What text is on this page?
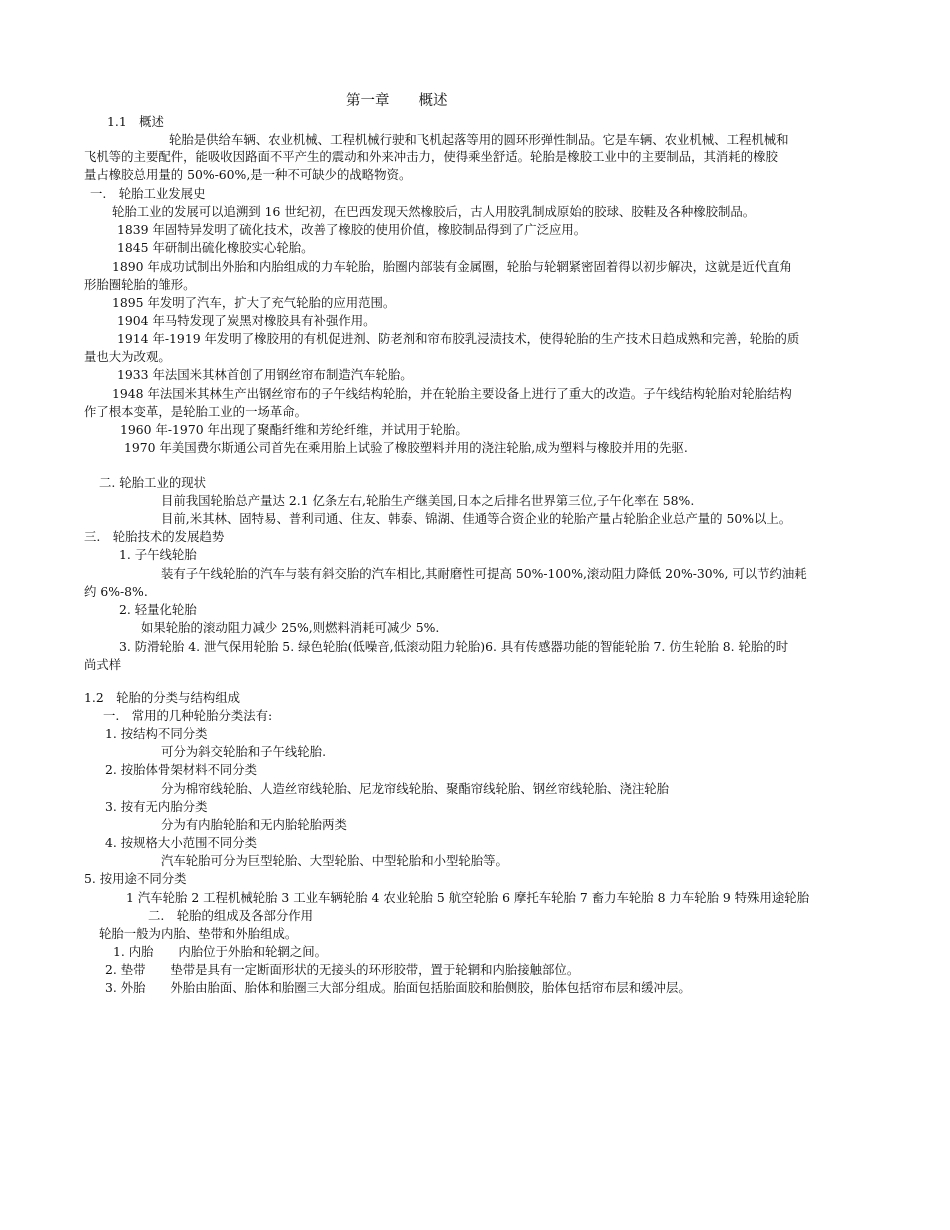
第一章　　概述
1.1　概述
轮胎是供给车辆、农业机械、工程机械行驶和飞机起落等用的圆环形弹性制品。它是车辆、农业机械、工程机械和
飞机等的主要配件，能吸收因路面不平产生的震动和外来冲击力，使得乘坐舒适。轮胎是橡胶工业中的主要制品，其消耗的橡胶
量占橡胶总用量的 50%-60%,是一种不可缺少的战略物资。
一.　轮胎工业发展史
轮胎工业的发展可以追溯到 16 世纪初，在巴西发现天然橡胶后，古人用胶乳制成原始的胶球、胶鞋及各种橡胶制品。
1839 年固特异发明了硫化技术，改善了橡胶的使用价值，橡胶制品得到了广泛应用。
1845 年研制出硫化橡胶实心轮胎。
1890 年成功试制出外胎和内胎组成的力车轮胎，胎圈内部装有金属圈，轮胎与轮辋紧密固着得以初步解决，这就是近代直角
形胎圈轮胎的雏形。
1895 年发明了汽车，扩大了充气轮胎的应用范围。
1904 年马特发现了炭黑对橡胶具有补强作用。
1914 年-1919 年发明了橡胶用的有机促进剂、防老剂和帘布胶乳浸渍技术，使得轮胎的生产技术日趋成熟和完善，轮胎的质
量也大为改观。
1933 年法国米其林首创了用钢丝帘布制造汽车轮胎。
1948 年法国米其林生产出钢丝帘布的子午线结构轮胎，并在轮胎主要设备上进行了重大的改造。子午线结构轮胎对轮胎结构
作了根本变革，是轮胎工业的一场革命。
1960 年-1970 年出现了聚酯纤维和芳纶纤维，并试用于轮胎。
1970 年美国费尔斯通公司首先在乘用胎上试验了橡胶塑料并用的浇注轮胎,成为塑料与橡胶并用的先驱.
二. 轮胎工业的现状
目前我国轮胎总产量达 2.1 亿条左右,轮胎生产继美国,日本之后排名世界第三位,子午化率在 58%.
目前,米其林、固特易、普利司通、住友、韩泰、锦湖、佳通等合资企业的轮胎产量占轮胎企业总产量的 50%以上。
三.　轮胎技术的发展趋势
1. 子午线轮胎
装有子午线轮胎的汽车与装有斜交胎的汽车相比,其耐磨性可提高 50%-100%,滚动阻力降低 20%-30%, 可以节约油耗
约 6%-8%.
2. 轻量化轮胎
如果轮胎的滚动阻力减少 25%,则燃料消耗可减少 5%.
3. 防滑轮胎 4. 泄气保用轮胎 5. 绿色轮胎(低噪音,低滚动阻力轮胎)6. 具有传感器功能的智能轮胎 7. 仿生轮胎 8. 轮胎的时
尚式样
1.2　轮胎的分类与结构组成
一.　常用的几种轮胎分类法有:
1. 按结构不同分类
可分为斜交轮胎和子午线轮胎.
2. 按胎体骨架材料不同分类
分为棉帘线轮胎、人造丝帘线轮胎、尼龙帘线轮胎、聚酯帘线轮胎、钢丝帘线轮胎、浇注轮胎
3. 按有无内胎分类
分为有内胎轮胎和无内胎轮胎两类
4. 按规格大小范围不同分类
汽车轮胎可分为巨型轮胎、大型轮胎、中型轮胎和小型轮胎等。
5. 按用途不同分类
1 汽车轮胎 2 工程机械轮胎 3 工业车辆轮胎 4 农业轮胎 5 航空轮胎 6 摩托车轮胎 7 畜力车轮胎 8 力车轮胎 9 特殊用途轮胎
二.　轮胎的组成及各部分作用
轮胎一般为内胎、垫带和外胎组成。
1. 内胎　　内胎位于外胎和轮辋之间。
2. 垫带　　垫带是具有一定断面形状的无接头的环形胶带，置于轮辋和内胎接触部位。
3. 外胎　　外胎由胎面、胎体和胎圈三大部分组成。胎面包括胎面胶和胎侧胶，胎体包括帘布层和缓冲层。
